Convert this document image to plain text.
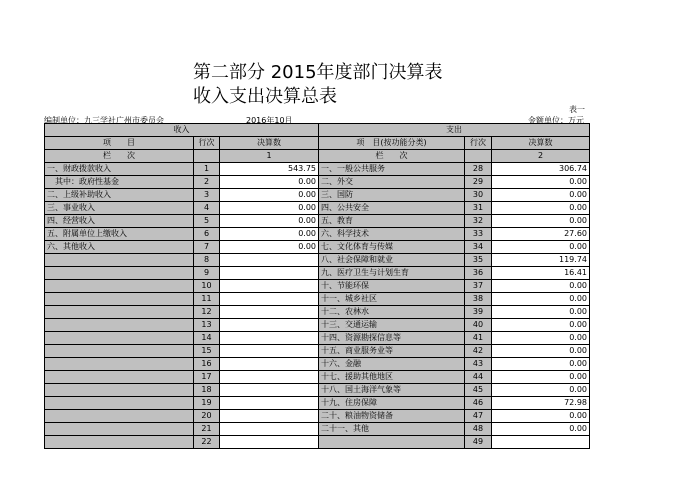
第二部分 2015年度部门决算表
收入支出决算总表
表一
编制单位：九三学社广州市委员会	2016年10月	金额单位：万元
收入			支出		
项　　目	行次	决算数	项　目(按功能分类)	行次	决算数
栏　　次		1	栏　　次		2
一、财政拨款收入	1	543.75	一、一般公共服务	28	306.74
　其中：政府性基金	2	0.00	二、外交	29	0.00
二、上级补助收入	3	0.00	三、国防	30	0.00
三、事业收入	4	0.00	四、公共安全	31	0.00
四、经营收入	5	0.00	五、教育	32	0.00
五、附属单位上缴收入	6	0.00	六、科学技术	33	27.60
六、其他收入	7	0.00	七、文化体育与传媒	34	0.00
	8		八、社会保障和就业	35	119.74
	9		九、医疗卫生与计划生育	36	16.41
	10		十、节能环保	37	0.00
	11		十一、城乡社区	38	0.00
	12		十二、农林水	39	0.00
	13		十三、交通运输	40	0.00
	14		十四、资源勘探信息等	41	0.00
	15		十五、商业服务业等	42	0.00
	16		十六、金融	43	0.00
	17		十七、援助其他地区	44	0.00
	18		十八、国土海洋气象等	45	0.00
	19		十九、住房保障	46	72.98
	20		二十、粮油物资储备	47	0.00
	21		二十一、其他	48	0.00
	22			49	
